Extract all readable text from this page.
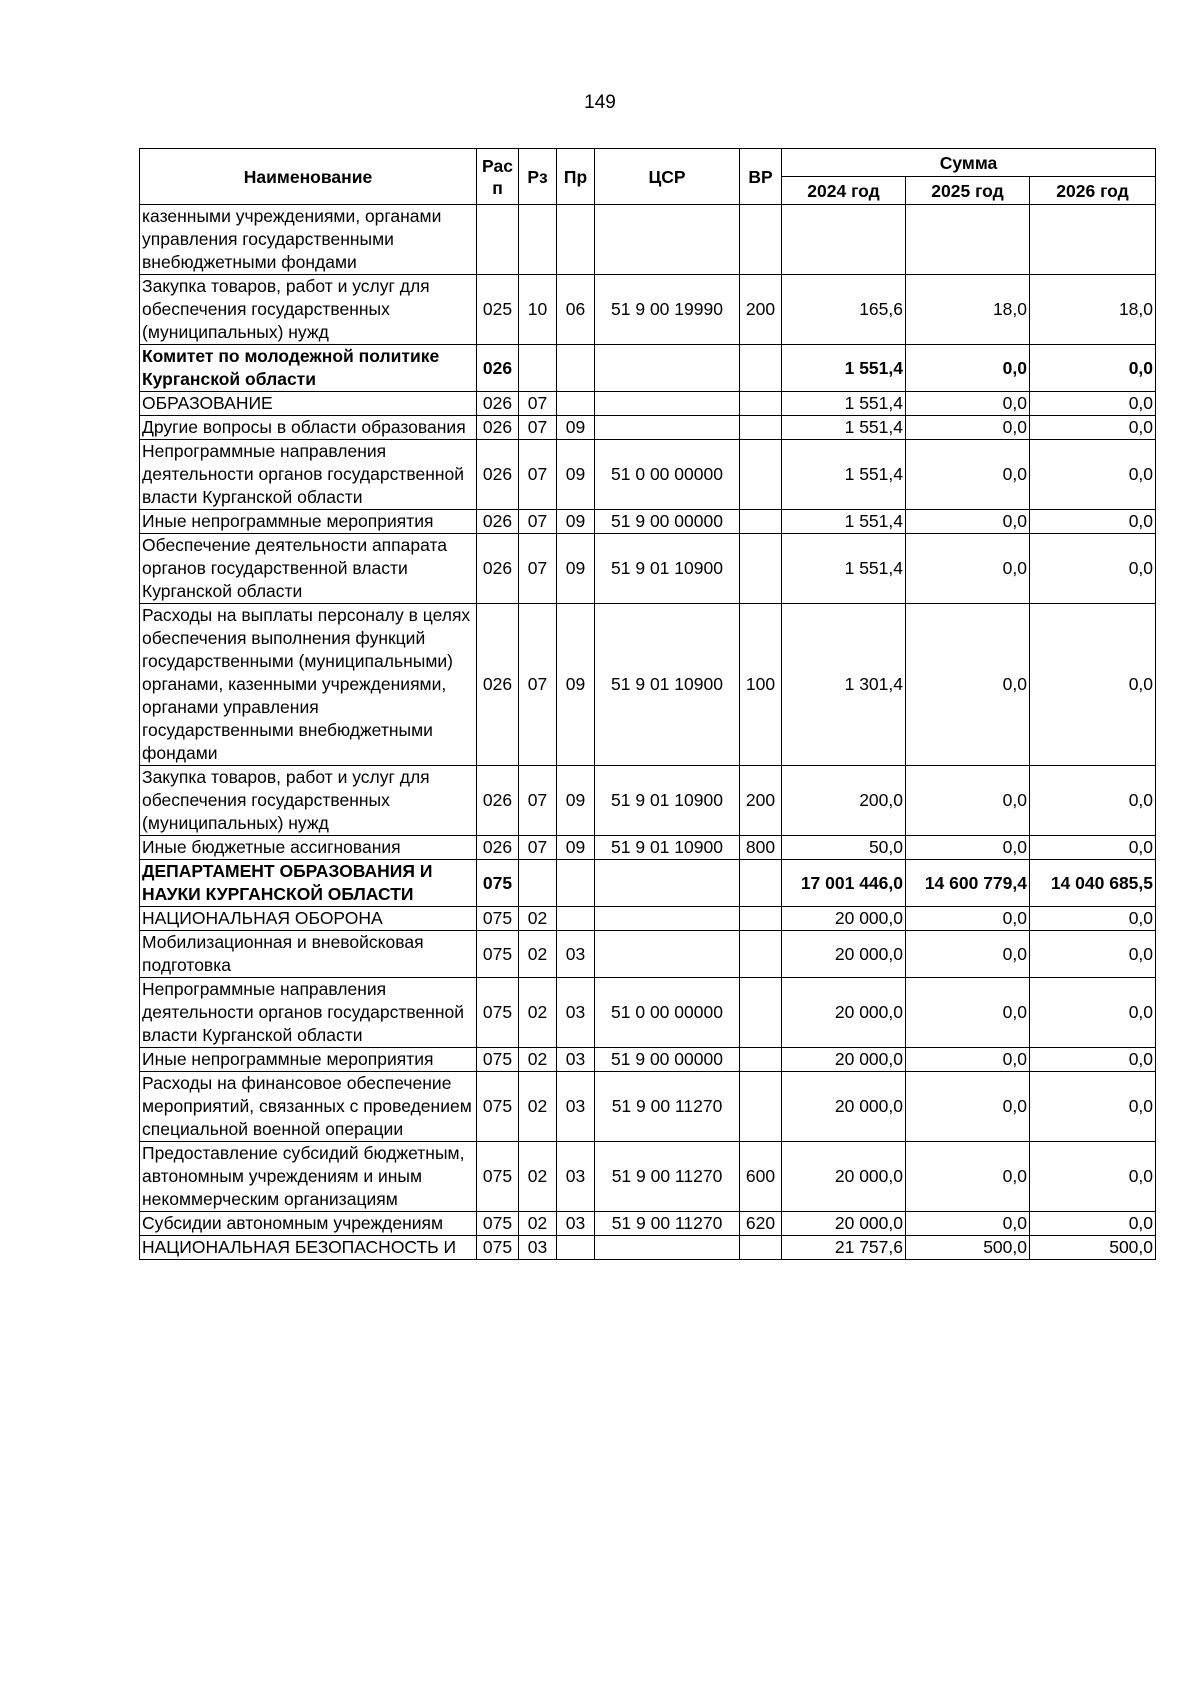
149
Наименование	Рас п	Рз	Пр	ЦСР	ВР	Сумма		
						2024 год	2025 год	2026 год
казенными учреждениями, органами управления государственными внебюджетными фондами								
Закупка товаров, работ и услуг для обеспечения государственных (муниципальных) нужд	025	10	06	51 9 00 19990	200	165,6	18,0	18,0
Комитет по молодежной политике Курганской области	026					1 551,4	0,0	0,0
ОБРАЗОВАНИЕ	026	07				1 551,4	0,0	0,0
Другие вопросы в области образования	026	07	09			1 551,4	0,0	0,0
Непрограммные направления деятельности органов государственной власти Курганской области	026	07	09	51 0 00 00000		1 551,4	0,0	0,0
Иные непрограммные мероприятия	026	07	09	51 9 00 00000		1 551,4	0,0	0,0
Обеспечение деятельности аппарата органов государственной власти Курганской области	026	07	09	51 9 01 10900		1 551,4	0,0	0,0
Расходы на выплаты персоналу в целях обеспечения выполнения функций государственными (муниципальными) органами, казенными учреждениями, органами управления государственными внебюджетными фондами	026	07	09	51 9 01 10900	100	1 301,4	0,0	0,0
Закупка товаров, работ и услуг для обеспечения государственных (муниципальных) нужд	026	07	09	51 9 01 10900	200	200,0	0,0	0,0
Иные бюджетные ассигнования	026	07	09	51 9 01 10900	800	50,0	0,0	0,0
ДЕПАРТАМЕНТ ОБРАЗОВАНИЯ И НАУКИ КУРГАНСКОЙ ОБЛАСТИ	075					17 001 446,0	14 600 779,4	14 040 685,5
НАЦИОНАЛЬНАЯ ОБОРОНА	075	02				20 000,0	0,0	0,0
Мобилизационная и вневойсковая подготовка	075	02	03			20 000,0	0,0	0,0
Непрограммные направления деятельности органов государственной власти Курганской области	075	02	03	51 0 00 00000		20 000,0	0,0	0,0
Иные непрограммные мероприятия	075	02	03	51 9 00 00000		20 000,0	0,0	0,0
Расходы на финансовое обеспечение мероприятий, связанных с проведением специальной военной операции	075	02	03	51 9 00 11270		20 000,0	0,0	0,0
Предоставление субсидий бюджетным, автономным учреждениям и иным некоммерческим организациям	075	02	03	51 9 00 11270	600	20 000,0	0,0	0,0
Субсидии автономным учреждениям	075	02	03	51 9 00 11270	620	20 000,0	0,0	0,0
НАЦИОНАЛЬНАЯ БЕЗОПАСНОСТЬ И	075	03				21 757,6	500,0	500,0
